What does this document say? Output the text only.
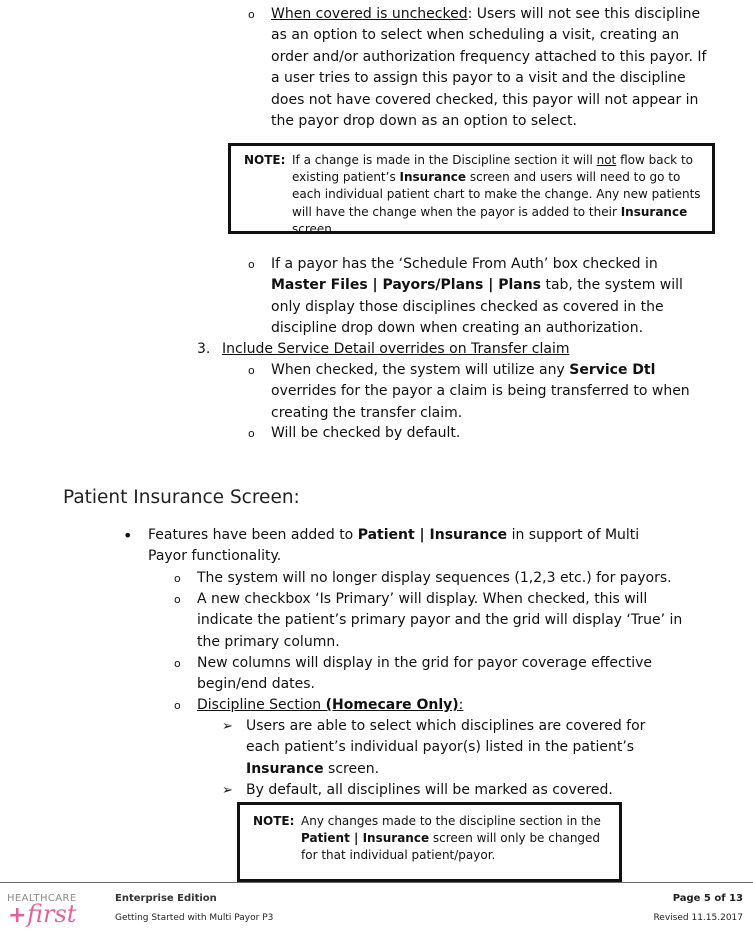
o When covered is unchecked: Users will not see this discipline as an option to select when scheduling a visit, creating an order and/or authorization frequency attached to this payor. If a user tries to assign this payor to a visit and the discipline does not have covered checked, this payor will not appear in the payor drop down as an option to select.
NOTE: If a change is made in the Discipline section it will not flow back to existing patient’s Insurance screen and users will need to go to each individual patient chart to make the change. Any new patients will have the change when the payor is added to their Insurance screen.
o If a payor has the ‘Schedule From Auth’ box checked in Master Files | Payors/Plans | Plans tab, the system will only display those disciplines checked as covered in the discipline drop down when creating an authorization.
3. Include Service Detail overrides on Transfer claim
o When checked, the system will utilize any Service Dtl overrides for the payor a claim is being transferred to when creating the transfer claim.
o Will be checked by default.
Patient Insurance Screen:
• Features have been added to Patient | Insurance in support of Multi Payor functionality.
o The system will no longer display sequences (1,2,3 etc.) for payors.
o A new checkbox ‘Is Primary’ will display. When checked, this will indicate the patient’s primary payor and the grid will display ‘True’ in the primary column.
o New columns will display in the grid for payor coverage effective begin/end dates.
o Discipline Section (Homecare Only):
➢ Users are able to select which disciplines are covered for each patient’s individual payor(s) listed in the patient’s Insurance screen.
➢ By default, all disciplines will be marked as covered.
NOTE: Any changes made to the discipline section in the Patient | Insurance screen will only be changed for that individual patient/payor.
HEALTHCARE
+ first
Enterprise Edition
Getting Started with Multi Payor P3
Page 5 of 13
Revised 11.15.2017
